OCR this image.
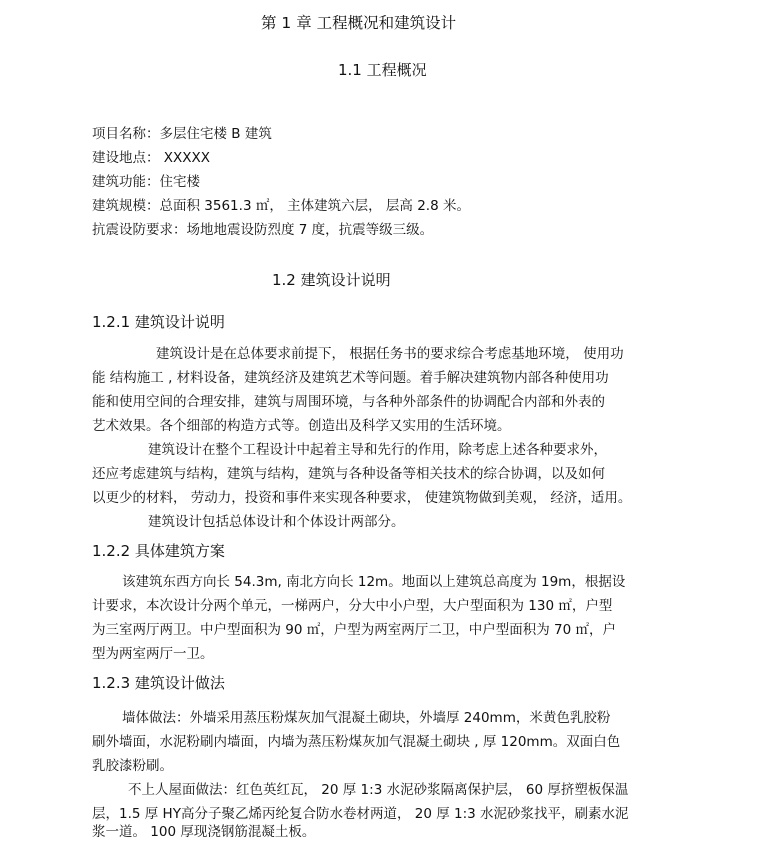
第 1 章 工程概况和建筑设计
1.1 工程概况
项目名称：多层住宅楼 B 建筑
建设地点： XXXXX
建筑功能：住宅楼
建筑规模：总面积 3561.3 ㎡， 主体建筑六层， 层高 2.8 米。
抗震设防要求：场地地震设防烈度 7 度，抗震等级三级。
1.2 建筑设计说明
1.2.1 建筑设计说明
建筑设计是在总体要求前提下， 根据任务书的要求综合考虑基地环境， 使用功
能 结构施工 , 材料设备，建筑经济及建筑艺术等问题。着手解决建筑物内部各种使用功
能和使用空间的合理安排，建筑与周围环境，与各种外部条件的协调配合内部和外表的
艺术效果。各个细部的构造方式等。创造出及科学又实用的生活环境。
建筑设计在整个工程设计中起着主导和先行的作用，除考虑上述各种要求外，
还应考虑建筑与结构，建筑与结构，建筑与各种设备等相关技术的综合协调，以及如何
以更少的材料， 劳动力，投资和事件来实现各种要求， 使建筑物做到美观， 经济，适用。
建筑设计包括总体设计和个体设计两部分。
1.2.2 具体建筑方案
该建筑东西方向长 54.3m, 南北方向长 12m。地面以上建筑总高度为 19m，根据设
计要求，本次设计分两个单元，一梯两户，分大中小户型，大户型面积为 130 ㎡，户型
为三室两厅两卫。中户型面积为 90 ㎡，户型为两室两厅二卫，中户型面积为 70 ㎡，户
型为两室两厅一卫。
1.2.3 建筑设计做法
墙体做法：外墙采用蒸压粉煤灰加气混凝土砌块，外墙厚 240mm，米黄色乳胶粉
刷外墙面，水泥粉刷内墙面，内墙为蒸压粉煤灰加气混凝土砌块 , 厚 120mm。双面白色
乳胶漆粉刷。
不上人屋面做法：红色英红瓦， 20 厚 1:3 水泥砂浆隔离保护层， 60 厚挤塑板保温
层，1.5 厚 HY高分子聚乙烯丙纶复合防水卷材两道， 20 厚 1:3 水泥砂浆找平，刷素水泥
浆一道。 100 厚现浇钢筋混凝土板。
